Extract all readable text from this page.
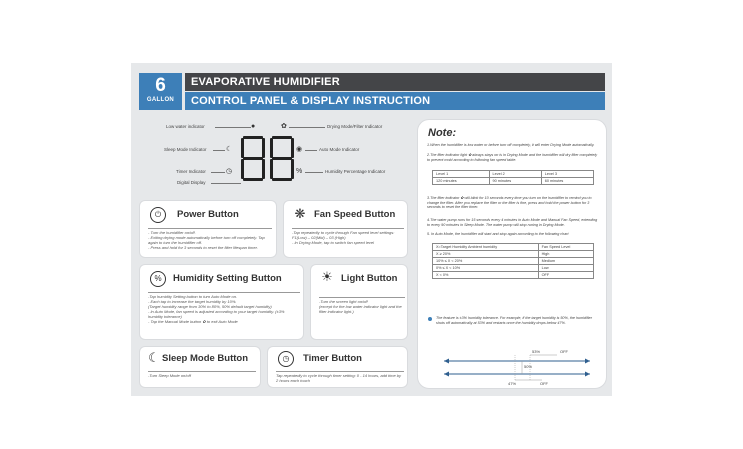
6
GALLON
EVAPORATIVE HUMIDIFIER
CONTROL PANEL & DISPLAY INSTRUCTION
Low water indicator	●	✿	Drying Mode/Filter Indicator
Sleep Mode Indicator	☾	◉	Auto Mode Indicator
Timer Indicator	◷	%	Humidity Percentage Indicator
Digital Display
⏻	Power Button
- Turn the humidifier on/off.
- Exiting drying mode automatically before turn off completely. Tap again to turn the humidifier off.
- Press and hold for 3 seconds to reset the filter lifespan timer.
❋ Fan Speed Button
-Tap repeatedly to cycle through Fan speed level settings: F1(Low) – 02(Mid) – 03 (High)
- In Drying Mode, tap to switch fan speed level
%	Humidity Setting Button
-Tap humidity Setting button to turn Auto Mode on.
- Each tap to increase the target humidity by 10%.
(Target humidity range from 30% to 80%, 50% default target humidity)
- In Auto Mode, fan speed is adjusted according to your target humidity. (±3% humidity tolerance)
- Tap the Manual Mode button ✿ to exit Auto Mode
☀ Light Button
-Turn the screen light on/off
(except for the low water indicator light and the filter indicator light.)
☾ Sleep Mode Button
-Turn Sleep Mode on/off
◷	Timer Button
Tap repeatedly to cycle through timer setting: 0 - 14 hours, add time by 2 hours each touch
Note:
1.When the humidifier is low water or before turn off completely, it will enter Drying Mode automatically.
2.The filter indicator light ✿ always stays on is in Drying Mode and the humidifier will dry filter completely to prevent mold according to following fan speed table:
Level 1	Level 2	Level 3
120 minutes	90 minutes	60 minutes
3.The filter indicator ✿ will blink for 10 seconds every time you turn on the humidifier to remind you to change the filter. After you replace the filter or the filter is fine, press and hold the power button for 3 seconds to reset the filter timer.
4.The water pump runs for 15 seconds every 4 minutes in Auto Mode and Manual Fan Speed, extending to every 90 minutes in Sleep Mode. The water pump will stop runing in Drying Mode.
5. In Auto Mode, the humidifier will start and stop again according to the following chart
X=Target Humidity Ambient humidity	Fan Speed Level
X ≥ 20%	High
10% ≤ X < 20%	Medium
0% ≤ X < 10%	Low
X < 0%	OFF
The feature is ±3% humidity tolerance. For example, if the target humidity is 50%, the humidifier shuts off automatically at 53% and restarts once the humidity drops below 47%.
53%	OFF
50%
47%	OFF
